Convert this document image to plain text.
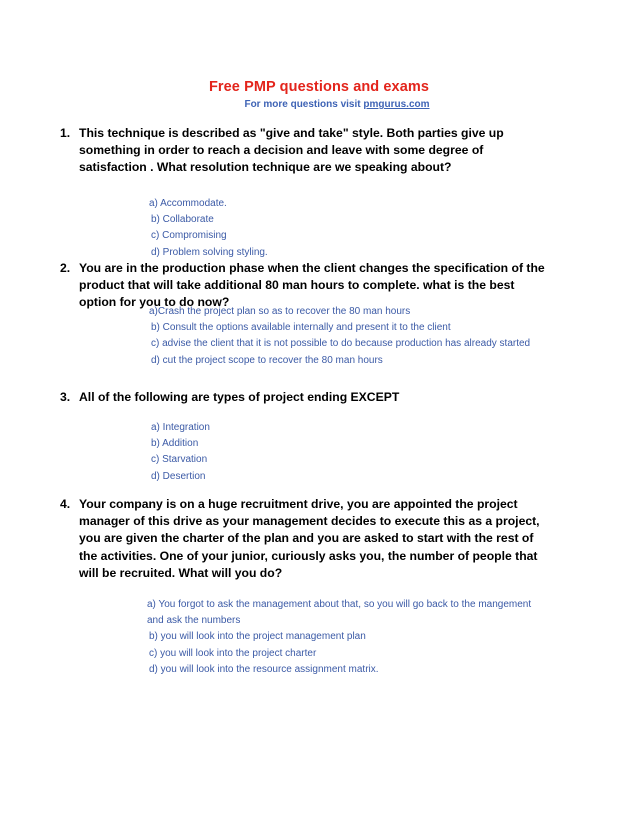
Free PMP questions and exams
For more questions visit pmgurus.com
1. This technique is described as "give and take" style. Both parties give up
something in order to reach a decision and leave with some degree of
satisfaction . What resolution technique are we speaking about?
a) Accommodate.
b) Collaborate
c) Compromising
d) Problem solving styling.
2. You are in the production phase when the client changes the specification of the
product that will take additional 80 man hours to complete. what is the best
option for you to do now?
a)Crash the project plan so as to recover the 80 man hours
b) Consult the options available internally and present it to the client
c) advise the client that it is not possible to do because production has already started
d) cut the project scope to recover the 80 man hours
3. All of the following are types of project ending EXCEPT
a) Integration
b) Addition
c) Starvation
d) Desertion
4. Your company is on a huge recruitment drive, you are appointed the project
manager of this drive as your management decides to execute this as a project,
you are given the charter of the plan and you are asked to start with the rest of
the activities. One of your junior, curiously asks you, the number of people that
will be recruited. What will you do?
a) You forgot to ask the management about that, so you will go back to the mangement
and ask the numbers
b) you will look into the project management plan
c) you will look into the project charter
d) you will look into the resource assignment matrix.
